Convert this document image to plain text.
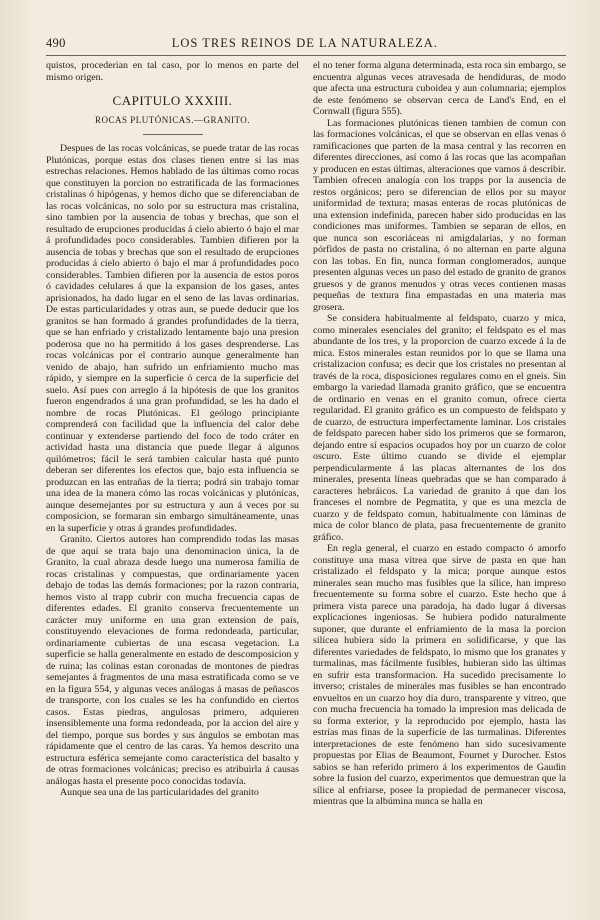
490	LOS TRES REINOS DE LA NATURALEZA.

quistos, procederian en tal caso, por lo menos en parte del mismo origen.

CAPITULO XXXIII.
ROCAS PLUTÓNICAS.—GRANITO.

Despues de las rocas volcánicas, se puede tratar de las rocas Plutónicas, porque estas dos clases tienen entre sí las mas estrechas relaciones. Hemos hablado de las últimas como rocas que constituyen la porcion no estratificada de las formaciones cristalinas ó hipógenas, y hemos dicho que se diferenciaban de las rocas volcánicas, no solo por su estructura mas cristalina, sino tambien por la ausencia de tobas y brechas, que son el resultado de erupciones producidas á cielo abierto ó bajo el mar á profundidades poco considerables. Tambien difieren por la ausencia de tobas y brechas que son el resultado de erupciones producidas á cielo abierto ó bajo el mar á profundidades poco considerables. Tambien difieren por la ausencia de estos poros ó cavidades celulares á que la expansion de los gases, antes aprisionados, ha dado lugar en el seno de las lavas ordinarias. De estas particularidades y otras aun, se puede deducir que los granitos se han formado á grandes profundidades de la tierra, que se han enfriado y cristalizado lentamente bajo una presion poderosa que no ha permitido á los gases desprenderse. Las rocas volcánicas por el contrario aunque generalmente han venido de abajo, han sufrido un enfriamiento mucho mas rápido, y siempre en la superficie ó cerca de la superficie del suelo. Así pues con arreglo á la hipótesis de que los granitos fueron engendrados á una gran profundidad, se les ha dado el nombre de rocas Plutónicas. El geólogo principiante comprenderá con facilidad que la influencia del calor debe continuar y extenderse partiendo del foco de todo cráter en actividad hasta una distancia que puede llegar á algunos quilómetros; fácil le será tambien calcular hasta qué punto deberan ser diferentes los efectos que, bajo esta influencia se produzcan en las entrañas de la tierra; podrá sin trabajo tomar una idea de la manera cómo las rocas volcánicas y plutónicas, aunque desemejantes por su estructura y aun á veces por su composicion, se formaran sin embargo simultáneamente, unas en la superficie y otras á grandes profundidades.

Granito. Ciertos autores han comprendido todas las masas de que aquí se trata bajo una denominacion única, la de Granito, la cual abraza desde luego una numerosa familia de rocas cristalinas y compuestas, que ordinariamente yacen debajo de todas las demás formaciones; por la razon contraria, hemos visto al trapp cubrir con mucha frecuencia capas de diferentes edades. El granito conserva frecuentemente un carácter muy uniforme en una gran extension de país, constituyendo elevaciones de forma redondeada, particular, ordinariamente cubiertas de una escasa vegetacion. La superficie se halla generalmente en estado de descomposicion y de ruina; las colinas estan coronadas de montones de piedras semejantes á fragmentos de una masa estratificada como se ve en la figura 554, y algunas veces análogas á masas de peñascos de transporte, con los cuales se les ha confundido en ciertos casos. Estas piedras, angulosas primero, adquieren insensiblemente una forma redondeada, por la accion del aire y del tiempo, porque sus bordes y sus ángulos se embotan mas rápidamente que el centro de las caras. Ya hemos descrito una estructura esférica semejante como característica del basalto y de otras formaciones volcánicas; preciso es atribuirla á causas análogas hasta el presente poco conocidas todavía.

Aunque sea una de las particularidades del granito

el no tener forma alguna determinada, esta roca sin embargo, se encuentra algunas veces atravesada de hendiduras, de modo que afecta una estructura cuboidea y aun columnaria; ejemplos de este fenómeno se observan cerca de Land's End, en el Cornwall (figura 555).

Las formaciones plutónicas tienen tambien de comun con las formaciones volcánicas, el que se observan en ellas venas ó ramificaciones que parten de la masa central y las recorren en diferentes direcciones, así como á las rocas que las acompañan y producen en estas últimas, alteraciones que vamos á describir. Tambien ofrecen analogía con los trapps por la ausencia de restos orgánicos; pero se diferencian de ellos por su mayor uniformidad de textura; masas enteras de rocas plutónicas de una extension indefinida, parecen haber sido producidas en las condiciones mas uniformes. Tambien se separan de ellos, en que nunca son escoriáceas ni amigdalarias, y no forman pórfidos de pasta no cristalina, ó no alternan en parte alguna con las tobas. En fin, nunca forman conglomerados, aunque presenten algunas veces un paso del estado de granito de granos gruesos y de granos menudos y otras veces contienen masas pequeñas de textura fina empastadas en una materia mas grosera.

Se considera habitualmente al feldspato, cuarzo y mica, como minerales esenciales del granito; el feldspato es el mas abundante de los tres, y la proporcion de cuarzo excede á la de mica. Estos minerales estan reunidos por lo que se llama una cristalizacion confusa; es decir que los cristales no presentan al través de la roca, disposiciones regulares como en el gneis. Sin embargo la variedad llamada granito gráfico, que se encuentra de ordinario en venas en el granito comun, ofrece cierta regularidad. El granito gráfico es un compuesto de feldspato y de cuarzo, de estructura imperfectamente laminar. Los cristales de feldspato parecen haber sido los primeros que se formaron, dejando entre sí espacios ocupados hoy por un cuarzo de color oscuro. Este último cuando se divide el ejemplar perpendicularmente á las placas alternantes de los dos minerales, presenta líneas quebradas que se han comparado á caracteres hebráicos. La variedad de granito á que dan los franceses el nombre de Pegmatita, y que es una mezcla de cuarzo y de feldspato comun, habitualmente con láminas de mica de color blanco de plata, pasa frecuentemente de granito gráfico.

En regla general, el cuarzo en estado compacto ó amorfo constituye una masa vitrea que sirve de pasta en que han cristalizado el feldspato y la mica; porque aunque estos minerales sean mucho mas fusibles que la sílice, han impreso frecuentemente su forma sobre el cuarzo. Este hecho que á primera vista parece una paradoja, ha dado lugar á diversas explicaciones ingeniosas. Se hubiera podido naturalmente suponer, que durante el enfriamiento de la masa la porcion silícea hubiera sido la primera en solidificarse, y que las diferentes variedades de feldspato, lo mismo que los granates y turmalinas, mas fácilmente fusibles, hubieran sido las últimas en sufrir esta transformacion. Ha sucedido precisamente lo inverso; cristales de minerales mas fusibles se han encontrado envueltos en un cuarzo hoy dia duro, transparente y vitreo, que con mucha frecuencia ha tomado la impresion mas delicada de su forma exterior, y la reproducido por ejemplo, hasta las estrías mas finas de la superficie de las turmalinas. Diferentes interpretaciones de este fenómeno han sido sucesivamente propuestas por Elias de Beaumont, Fournet y Durocher. Estos sabios se han referido primero á los experimentos de Gaudin sobre la fusion del cuarzo, experimentos que demuestran que la sílice al enfriarse, posee la propiedad de permanecer viscosa, mientras que la albúmina nunca se halla en
